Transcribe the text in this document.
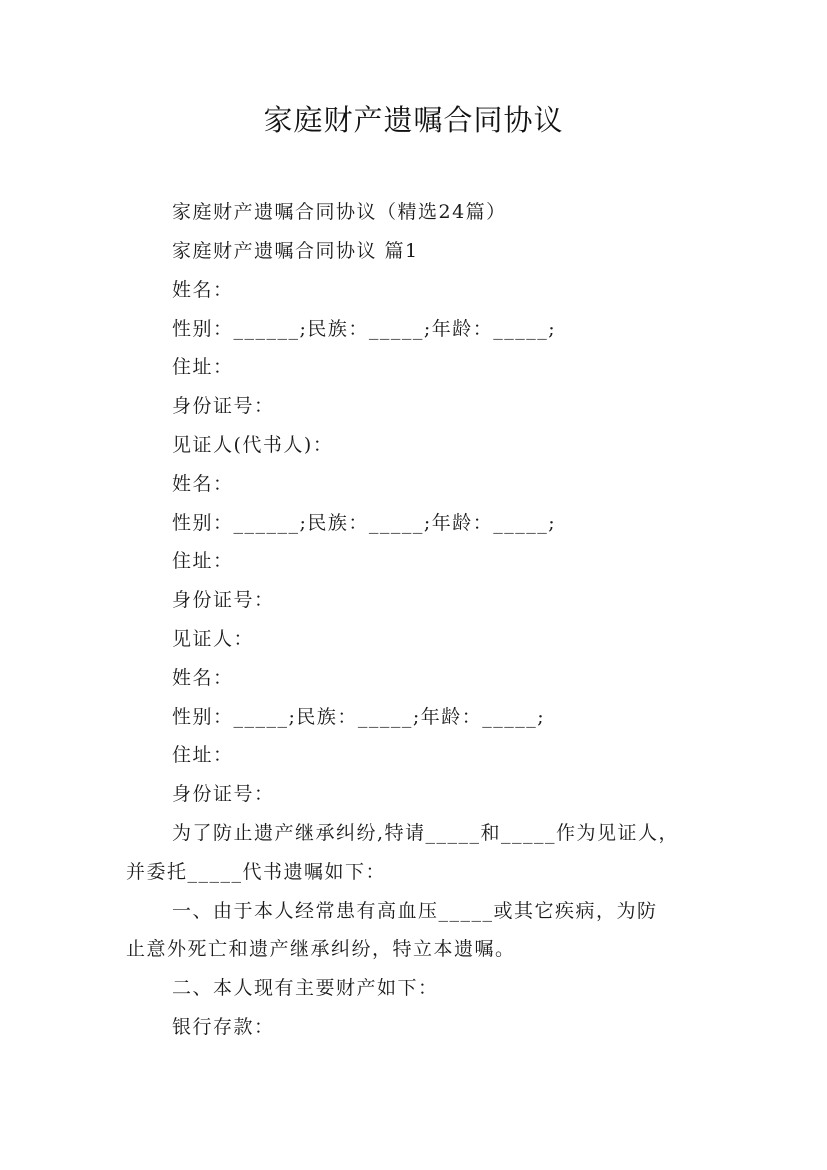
家庭财产遗嘱合同协议
家庭财产遗嘱合同协议（精选24篇）
家庭财产遗嘱合同协议 篇1
姓名：
性别：______;民族：_____;年龄：_____;
住址：
身份证号：
见证人(代书人)：
姓名：
性别：______;民族：_____;年龄：_____;
住址：
身份证号：
见证人：
姓名：
性别：_____;民族：_____;年龄：_____;
住址：
身份证号：
为了防止遗产继承纠纷,特请_____和_____作为见证人，
并委托_____代书遗嘱如下：
一、由于本人经常患有高血压_____或其它疾病，为防
止意外死亡和遗产继承纠纷，特立本遗嘱。
二、本人现有主要财产如下：
银行存款：
